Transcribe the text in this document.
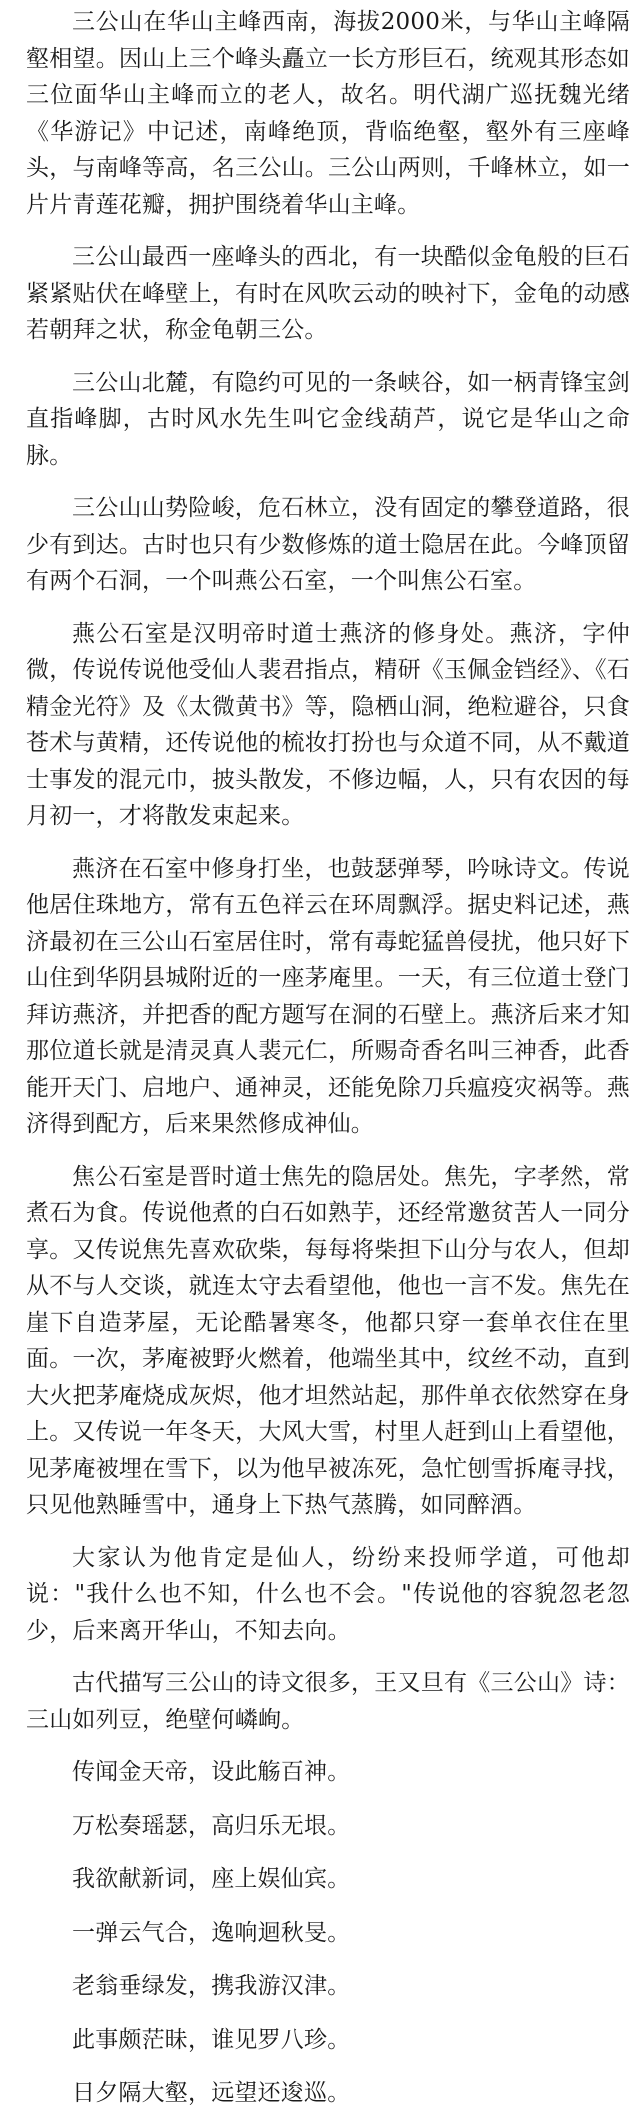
三公山在华山主峰西南，海拔2000米，与华山主峰隔壑相望。因山上三个峰头矗立一长方形巨石，统观其形态如三位面华山主峰而立的老人，故名。明代湖广巡抚魏光绪《华游记》中记述，南峰绝顶，背临绝壑，壑外有三座峰头，与南峰等高，名三公山。三公山两则，千峰林立，如一片片青莲花瓣，拥护围绕着华山主峰。

三公山最西一座峰头的西北，有一块酷似金龟般的巨石紧紧贴伏在峰壁上，有时在风吹云动的映衬下，金龟的动感若朝拜之状，称金龟朝三公。

三公山北麓，有隐约可见的一条峡谷，如一柄青锋宝剑直指峰脚，古时风水先生叫它金线葫芦，说它是华山之命脉。

三公山山势险峻，危石林立，没有固定的攀登道路，很少有到达。古时也只有少数修炼的道士隐居在此。今峰顶留有两个石洞，一个叫燕公石室，一个叫焦公石室。

燕公石室是汉明帝时道士燕济的修身处。燕济，字仲微，传说传说他受仙人裴君指点，精研《玉佩金铛经》、《石精金光符》及《太微黄书》等，隐栖山洞，绝粒避谷，只食苍术与黄精，还传说他的梳妆打扮也与众道不同，从不戴道士事发的混元巾，披头散发，不修边幅，人，只有农因的每月初一，才将散发束起来。

燕济在石室中修身打坐，也鼓瑟弹琴，吟咏诗文。传说他居住珠地方，常有五色祥云在环周飘浮。据史料记述，燕济最初在三公山石室居住时，常有毒蛇猛兽侵扰，他只好下山住到华阴县城附近的一座茅庵里。一天，有三位道士登门拜访燕济，并把香的配方题写在洞的石壁上。燕济后来才知那位道长就是清灵真人裴元仁，所赐奇香名叫三神香，此香能开天门、启地户、通神灵，还能免除刀兵瘟疫灾祸等。燕济得到配方，后来果然修成神仙。

焦公石室是晋时道士焦先的隐居处。焦先，字孝然，常煮石为食。传说他煮的白石如熟芋，还经常邀贫苦人一同分享。又传说焦先喜欢砍柴，每每将柴担下山分与农人，但却从不与人交谈，就连太守去看望他，他也一言不发。焦先在崖下自造茅屋，无论酷暑寒冬，他都只穿一套单衣住在里面。一次，茅庵被野火燃着，他端坐其中，纹丝不动，直到大火把茅庵烧成灰烬，他才坦然站起，那件单衣依然穿在身上。又传说一年冬天，大风大雪，村里人赶到山上看望他，见茅庵被埋在雪下，以为他早被冻死，急忙刨雪拆庵寻找，只见他熟睡雪中，通身上下热气蒸腾，如同醉酒。

大家认为他肯定是仙人，纷纷来投师学道，可他却说："我什么也不知，什么也不会。"传说他的容貌忽老忽少，后来离开华山，不知去向。

古代描写三公山的诗文很多，王又旦有《三公山》诗：三山如列豆，绝壁何嶙峋。

传闻金天帝，设此觞百神。

万松奏瑶瑟，高归乐无垠。

我欲献新词，座上娱仙宾。

一弹云气合，逸响迴秋旻。

老翁垂绿发，携我游汉津。

此事颇茫昧，谁见罗八珍。

日夕隔大壑，远望还逡巡。
